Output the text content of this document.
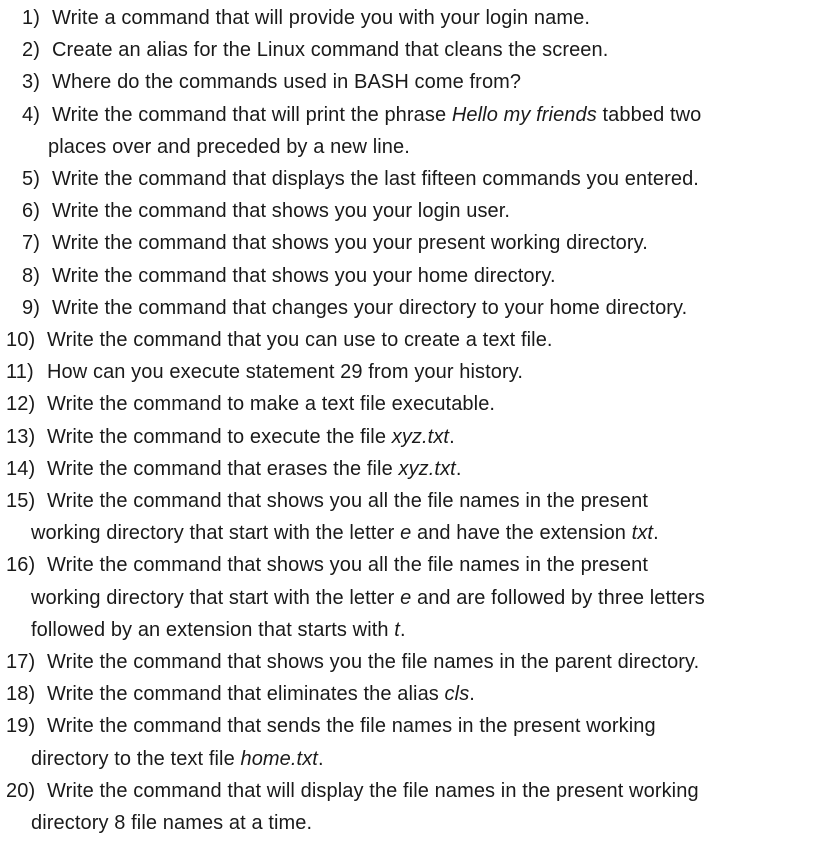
1) Write a command that will provide you with your login name.
2) Create an alias for the Linux command that cleans the screen.
3) Where do the commands used in BASH come from?
4) Write the command that will print the phrase Hello my friends tabbed two
places over and preceded by a new line.
5) Write the command that displays the last fifteen commands you entered.
6) Write the command that shows you your login user.
7) Write the command that shows you your present working directory.
8) Write the command that shows you your home directory.
9) Write the command that changes your directory to your home directory.
10) Write the command that you can use to create a text file.
11) How can you execute statement 29 from your history.
12) Write the command to make a text file executable.
13) Write the command to execute the file xyz.txt.
14) Write the command that erases the file xyz.txt.
15) Write the command that shows you all the file names in the present
working directory that start with the letter e and have the extension txt.
16) Write the command that shows you all the file names in the present
working directory that start with the letter e and are followed by three letters
followed by an extension that starts with t.
17) Write the command that shows you the file names in the parent directory.
18) Write the command that eliminates the alias cls.
19) Write the command that sends the file names in the present working
directory to the text file home.txt.
20) Write the command that will display the file names in the present working
directory 8 file names at a time.
